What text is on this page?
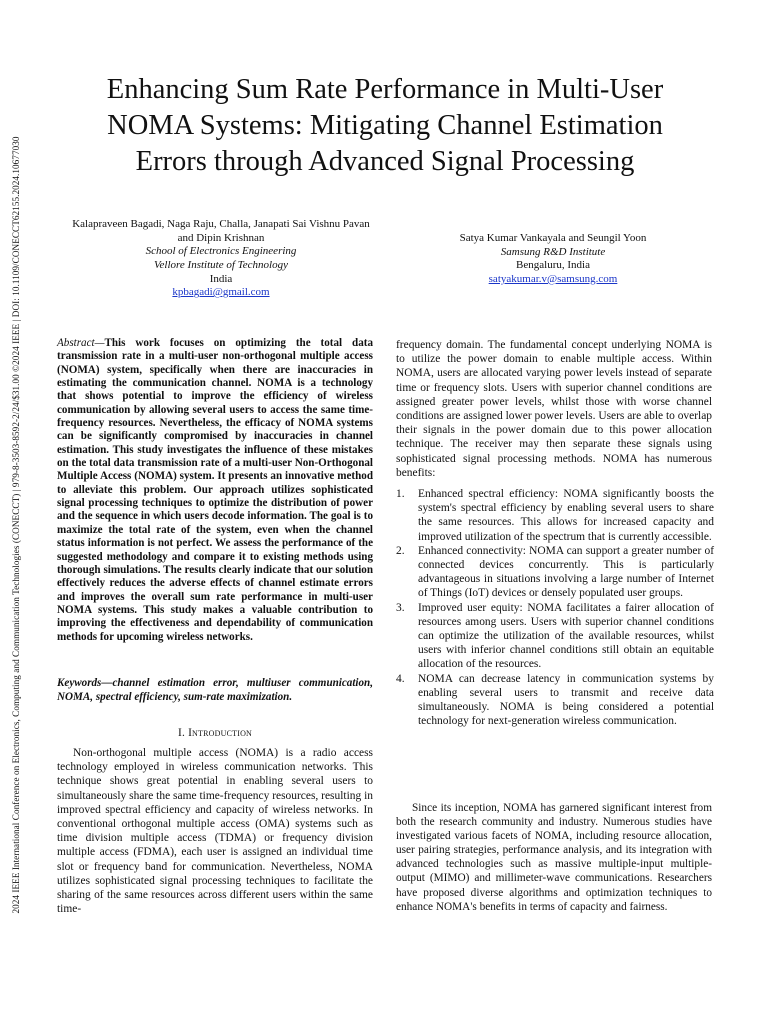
2024 IEEE International Conference on Electronics, Computing and Communication Technologies (CONECCT) | 979-8-3503-8592-2/24/$31.00 ©2024 IEEE | DOI: 10.1109/CONECCT62155.2024.10677030
Enhancing Sum Rate Performance in Multi-User
NOMA Systems: Mitigating Channel Estimation
Errors through Advanced Signal Processing
Kalapraveen Bagadi, Naga Raju, Challa, Janapati Sai Vishnu Pavan
and Dipin Krishnan
School of Electronics Engineering
Vellore Institute of Technology
India
kpbagadi@gmail.com
Satya Kumar Vankayala and Seungil Yoon
Samsung R&D Institute
Bengaluru, India
satyakumar.v@samsung.com
Abstract—This work focuses on optimizing the total data transmission rate in a multi-user non-orthogonal multiple access (NOMA) system, specifically when there are inaccuracies in estimating the communication channel. NOMA is a technology that shows potential to improve the efficiency of wireless communication by allowing several users to access the same time-frequency resources. Nevertheless, the efficacy of NOMA systems can be significantly compromised by inaccuracies in channel estimation. This study investigates the influence of these mistakes on the total data transmission rate of a multi-user Non-Orthogonal Multiple Access (NOMA) system. It presents an innovative method to alleviate this problem. Our approach utilizes sophisticated signal processing techniques to optimize the distribution of power and the sequence in which users decode information. The goal is to maximize the total rate of the system, even when the channel status information is not perfect. We assess the performance of the suggested methodology and compare it to existing methods using thorough simulations. The results clearly indicate that our solution effectively reduces the adverse effects of channel estimate errors and improves the overall sum rate performance in multi-user NOMA systems. This study makes a valuable contribution to improving the effectiveness and dependability of communication methods for upcoming wireless networks.
Keywords—channel estimation error, multiuser communication, NOMA, spectral efficiency, sum-rate maximization.
I. Introduction
Non-orthogonal multiple access (NOMA) is a radio access technology employed in wireless communication networks. This technique shows great potential in enabling several users to simultaneously share the same time-frequency resources, resulting in improved spectral efficiency and capacity of wireless networks. In conventional orthogonal multiple access (OMA) systems such as time division multiple access (TDMA) or frequency division multiple access (FDMA), each user is assigned an individual time slot or frequency band for communication. Nevertheless, NOMA utilizes sophisticated signal processing techniques to facilitate the sharing of the same resources across different users within the same time-
frequency domain. The fundamental concept underlying NOMA is to utilize the power domain to enable multiple access. Within NOMA, users are allocated varying power levels instead of separate time or frequency slots. Users with superior channel conditions are assigned greater power levels, whilst those with worse channel conditions are assigned lower power levels. Users are able to overlap their signals in the power domain due to this power allocation technique. The receiver may then separate these signals using sophisticated signal processing methods. NOMA has numerous benefits:
1. Enhanced spectral efficiency: NOMA significantly boosts the system's spectral efficiency by enabling several users to share the same resources. This allows for increased capacity and improved utilization of the spectrum that is currently accessible.
2. Enhanced connectivity: NOMA can support a greater number of connected devices concurrently. This is particularly advantageous in situations involving a large number of Internet of Things (IoT) devices or densely populated user groups.
3. Improved user equity: NOMA facilitates a fairer allocation of resources among users. Users with superior channel conditions can optimize the utilization of the available resources, whilst users with inferior channel conditions still obtain an equitable allocation of the resources.
4. NOMA can decrease latency in communication systems by enabling several users to transmit and receive data simultaneously. NOMA is being considered a potential technology for next-generation wireless communication.
Since its inception, NOMA has garnered significant interest from both the research community and industry. Numerous studies have investigated various facets of NOMA, including resource allocation, user pairing strategies, performance analysis, and its integration with advanced technologies such as massive multiple-input multiple-output (MIMO) and millimeter-wave communications. Researchers have proposed diverse algorithms and optimization techniques to enhance NOMA's benefits in terms of capacity and fairness.
